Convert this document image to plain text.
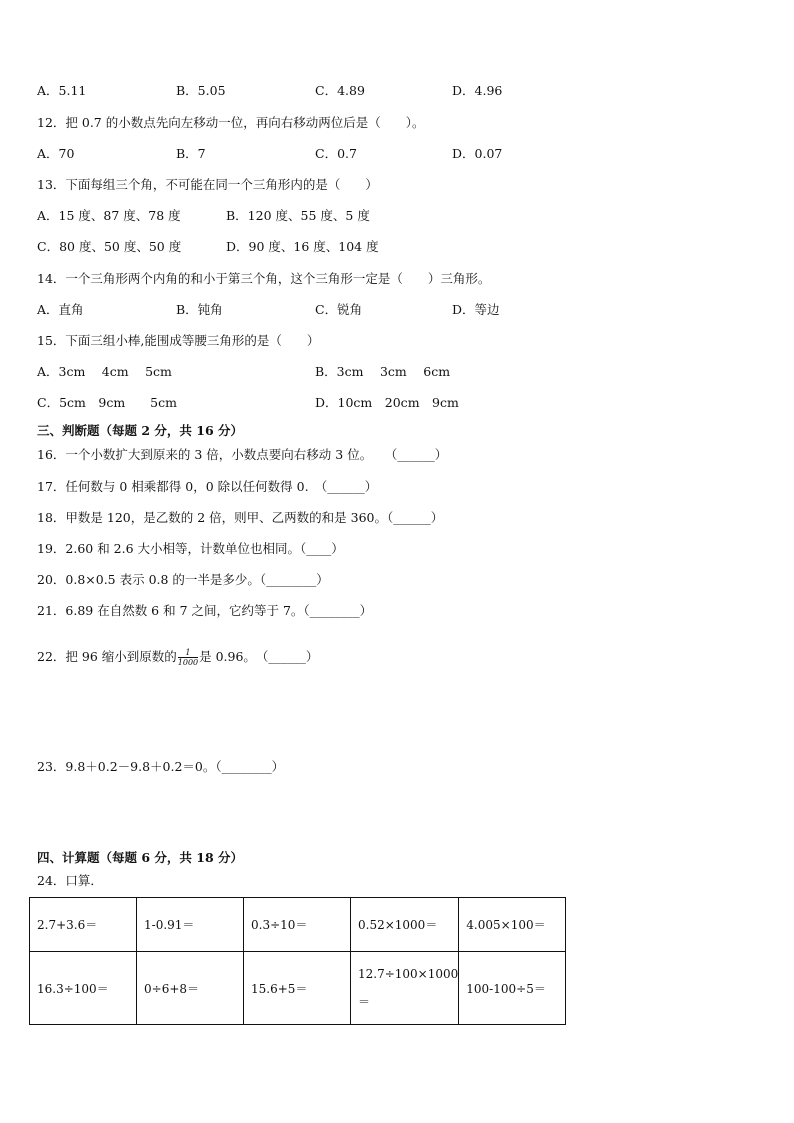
A．5.11	B．5.05	C．4.89	D．4.96
12．把 0.7 的小数点先向左移动一位，再向右移动两位后是（　　）。
A．70	B．7	C．0.7	D．0.07
13．下面每组三个角，不可能在同一个三角形内的是（　　）
A．15 度、87 度、78 度	B．120 度、55 度、5 度
C．80 度、50 度、50 度	D．90 度、16 度、104 度
14．一个三角形两个内角的和小于第三个角，这个三角形一定是（　　）三角形。
A．直角	B．钝角	C．锐角	D．等边
15．下面三组小棒,能围成等腰三角形的是（　　）
A．3cm　 4cm　 5cm	B．3cm　 3cm　 6cm
C．5cm　9cm　　5cm	D．10cm　20cm　9cm
三、判断题（每题 2 分，共 16 分）
16．一个小数扩大到原来的 3 倍，小数点要向右移动 3 位。　　（______）
17．任何数与 0 相乘都得 0，0 除以任何数得 0.　（______）
18．甲数是 120，是乙数的 2 倍，则甲、乙两数的和是 360。（______）
19．2.60 和 2.6 大小相等，计数单位也相同。（____）
20．0.8×0.5 表示 0.8 的一半是多少。（________）
21．6.89 在自然数 6 和 7 之间，它约等于 7。（________）
22．把 96 缩小到原数的 $\frac{1}{1000}$ 是 0.96。　（______）
23．9.8＋0.2－9.8＋0.2＝0。（________）
四、计算题（每题 6 分，共 18 分）
24．口算．
2.7+3.6＝	1-0.91＝	0.3÷10＝	0.52×1000＝	4.005×100＝
16.3÷100＝	0÷6+8＝	15.6+5＝	12.7÷100×1000＝	100-100÷5＝
